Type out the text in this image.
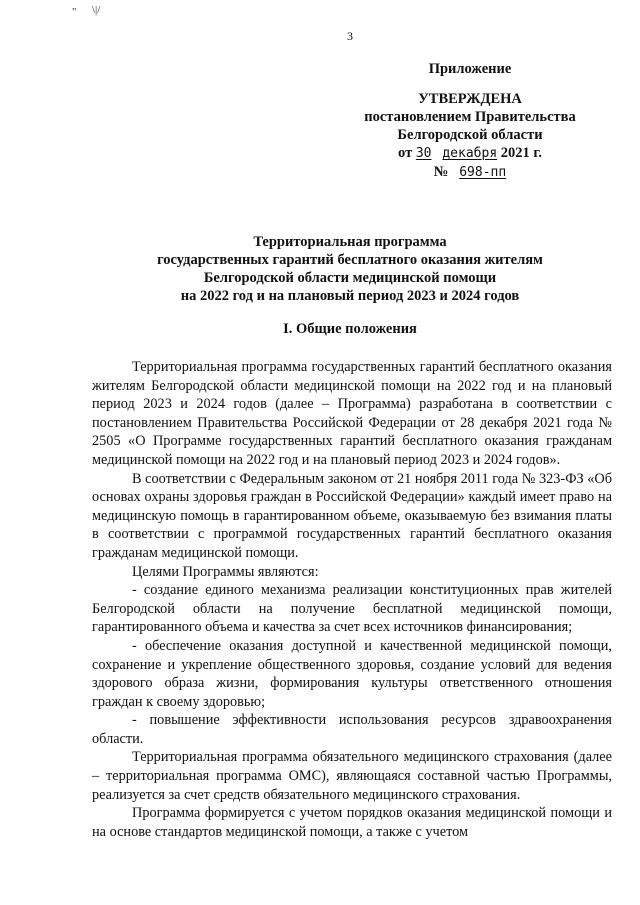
" \|/
3
Приложение
УТВЕРЖДЕНА
постановлением Правительства
Белгородской области
от 30 декабря 2021 г.
№ 698-пп
Территориальная программа
государственных гарантий бесплатного оказания жителям
Белгородской области медицинской помощи
на 2022 год и на плановый период 2023 и 2024 годов
I. Общие положения

Территориальная программа государственных гарантий бесплатного оказания жителям Белгородской области медицинской помощи на 2022 год и на плановый период 2023 и 2024 годов (далее – Программа) разработана в соответствии с постановлением Правительства Российской Федерации от 28 декабря 2021 года № 2505 «О Программе государственных гарантий бесплатного оказания гражданам медицинской помощи на 2022 год и на плановый период 2023 и 2024 годов».

В соответствии с Федеральным законом от 21 ноября 2011 года № 323-ФЗ «Об основах охраны здоровья граждан в Российской Федерации» каждый имеет право на медицинскую помощь в гарантированном объеме, оказываемую без взимания платы в соответствии с программой государственных гарантий бесплатного оказания гражданам медицинской помощи.

Целями Программы являются:

- создание единого механизма реализации конституционных прав жителей Белгородской области на получение бесплатной медицинской помощи, гарантированного объема и качества за счет всех источников финансирования;

- обеспечение оказания доступной и качественной медицинской помощи, сохранение и укрепление общественного здоровья, создание условий для ведения здорового образа жизни, формирования культуры ответственного отношения граждан к своему здоровью;

- повышение эффективности использования ресурсов здравоохранения области.

Территориальная программа обязательного медицинского страхования (далее – территориальная программа ОМС), являющаяся составной частью Программы, реализуется за счет средств обязательного медицинского страхования.

Программа формируется с учетом порядков оказания медицинской помощи и на основе стандартов медицинской помощи, а также с учетом
